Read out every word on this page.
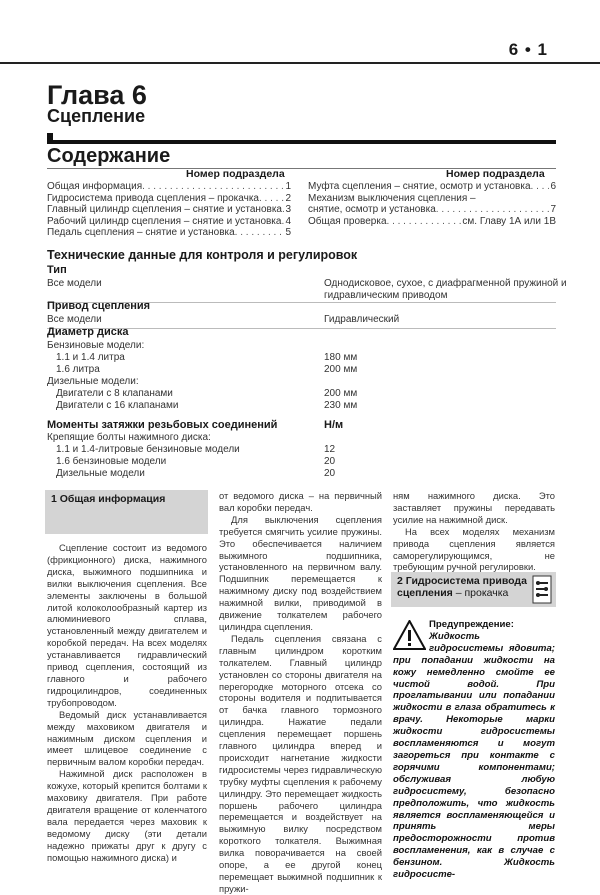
6 • 1
Глава 6
Сцепление
Содержание
Номер подраздела	Номер подраздела
Общая информация . . .	1
Гидросистема привода сцепления – прокачка . . .	2
Главный цилиндр сцепления – снятие и установка . . . 3
Рабочий цилиндр сцепления – снятие и установка . . . 4
Педаль сцепления – снятие и установка . . .	5
Муфта сцепления – снятие, осмотр и установка . . . 6
Механизм выключения сцепления –
снятие, осмотр и установка . . .	7
Общая проверка . . .	см. Главу 1А или 1В
Технические данные для контроля и регулировок
Тип
Все модели	Однодисковое, сухое, с диафрагменной пружиной и
гидравлическим приводом
Привод сцепления
Все модели	Гидравлический
Диаметр диска
Бензиновые модели:
1.1 и 1.4 литра	180 мм
1.6 литра	200 мм
Дизельные модели:
Двигатели с 8 клапанами	200 мм
Двигатели с 16 клапанами	230 мм
Моменты затяжки резьбовых соединений	Н/м
Крепящие болты нажимного диска:
1.1 и 1.4-литровые бензиновые модели	12
1.6 бензиновые модели	20
Дизельные модели	20
1 Общая информация

Сцепление состоит из ведомого (фрикционного) диска, нажимного диска, выжимного подшипника и вилки выключения сцепления. Все элементы заключены в большой литой колоколообразный картер из алюминиевого сплава, установленный между двигателем и коробкой передач. На всех моделях устанавливается гидравлический привод сцепления, состоящий из главного и рабочего гидроцилиндров, соединенных трубопроводом.

Ведомый диск устанавливается между маховиком двигателя и нажимным диском сцепления и имеет шлицевое соединение с первичным валом коробки передач.

Нажимной диск расположен в кожухе, который крепится болтами к маховику двигателя. При работе двигателя вращение от коленчатого вала передается через маховик к ведомому диску (эти детали надежно прижаты друг к другу с помощью нажимного диска) и

от ведомого диска – на первичный вал коробки передач.

Для выключения сцепления требуется смягчить усилие пружины. Это обеспечивается наличием выжимного подшипника, установленного на первичном валу. Подшипник перемещается к нажимному диску под воздействием нажимной вилки, приводимой в движение толкателем рабочего цилиндра сцепления.

Педаль сцепления связана с главным цилиндром коротким толкателем. Главный цилиндр установлен со стороны двигателя на перегородке моторного отсека со стороны водителя и подпитывается от бачка главного тормозного цилиндра. Нажатие педали сцепления перемещает поршень главного цилиндра вперед и происходит нагнетание жидкости гидросистемы через гидравлическую трубку муфты сцепления к рабочему цилиндру. Это перемещает жидкость поршень рабочего цилиндра перемещается и воздействует на выжимную вилку посредством короткого толкателя. Выжимная вилка поворачивается на своей опоре, а ее другой конец перемещает выжимной подшипник к пружи-

ням нажимного диска. Это заставляет пружины передавать усилие на нажимной диск.

На всех моделях механизм привода сцепления является саморегулирующимся, не требующим ручной регулировки.

2 Гидросистема привода
сцепления – прокачка
Предупреждение: Жидкость гидросистемы ядовита; при попадании жидкости на кожу немедленно смойте ее чистой водой. При проглатывании или попадании жидкости в глаза обратитесь к врачу. Некоторые марки жидкости гидросистемы воспламеняются и могут загореться при контакте с горячими компонентами; обслуживая любую гидросистему, безопасно предположить, что жидкость является воспламеняющейся и принять меры предосторожности против воспламенения, как в случае с бензином. Жидкость гидросисте-
